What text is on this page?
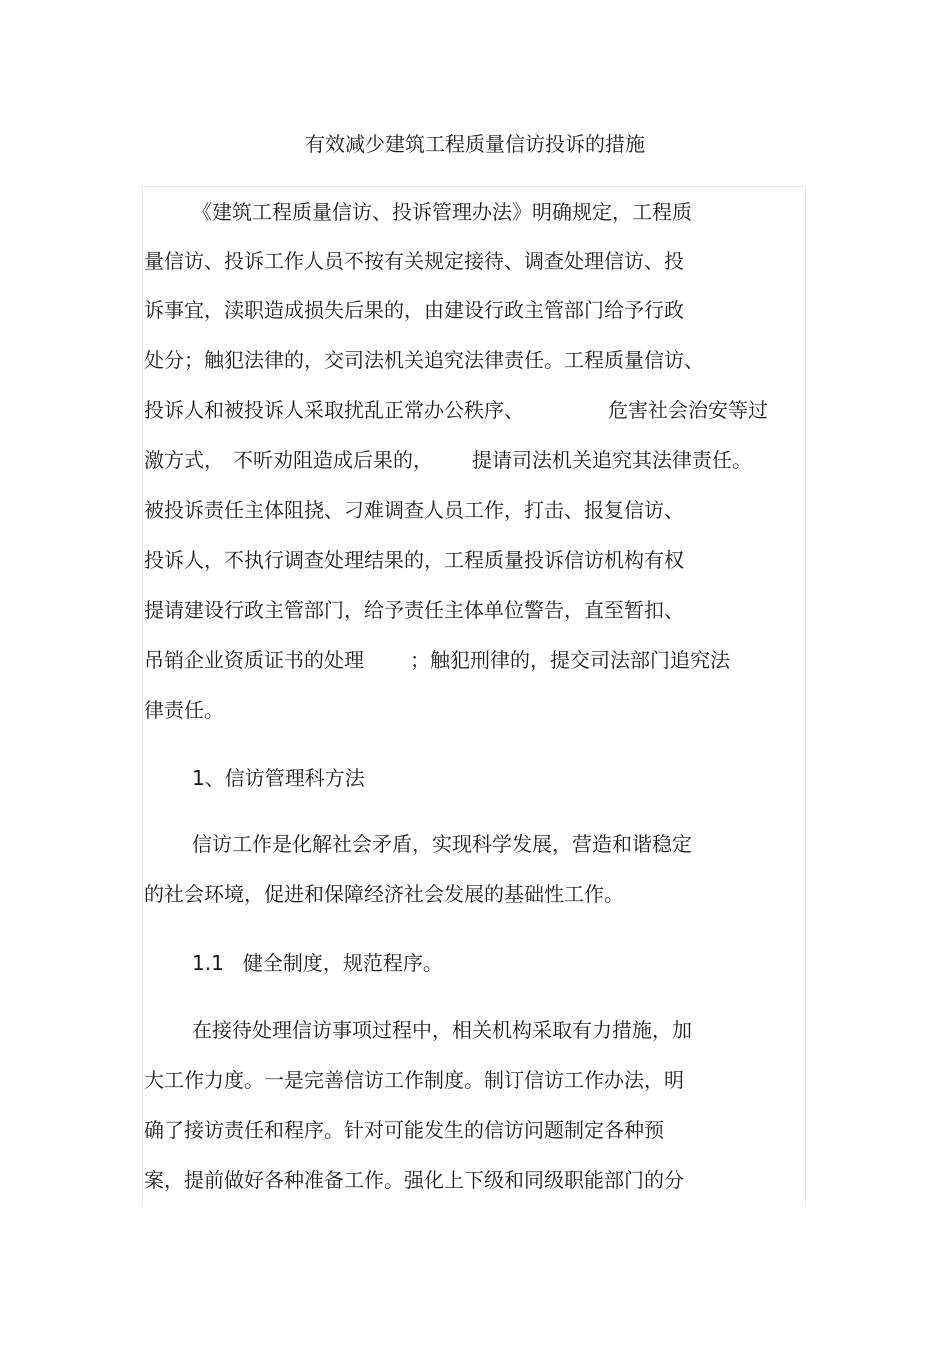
有效减少建筑工程质量信访投诉的措施
《建筑工程质量信访、投诉管理办法》明确规定，工程质
量信访、投诉工作人员不按有关规定接待、调查处理信访、投
诉事宜，渎职造成损失后果的，由建设行政主管部门给予行政
处分；触犯法律的，交司法机关追究法律责任。工程质量信访、
投诉人和被投诉人采取扰乱正常办公秩序、	危害社会治安等过
激方式， 不听劝阻造成后果的， 提请司法机关追究其法律责任。
被投诉责任主体阻挠、刁难调查人员工作，打击、报复信访、
投诉人，不执行调查处理结果的，工程质量投诉信访机构有权
提请建设行政主管部门，给予责任主体单位警告，直至暂扣、
吊销企业资质证书的处理 ；触犯刑律的，提交司法部门追究法
律责任。
1、信访管理科方法
信访工作是化解社会矛盾，实现科学发展，营造和谐稳定
的社会环境，促进和保障经济社会发展的基础性工作。
1.1   健全制度，规范程序。
在接待处理信访事项过程中，相关机构采取有力措施，加
大工作力度。一是完善信访工作制度。制订信访工作办法，明
确了接访责任和程序。针对可能发生的信访问题制定各种预
案，提前做好各种准备工作。强化上下级和同级职能部门的分
